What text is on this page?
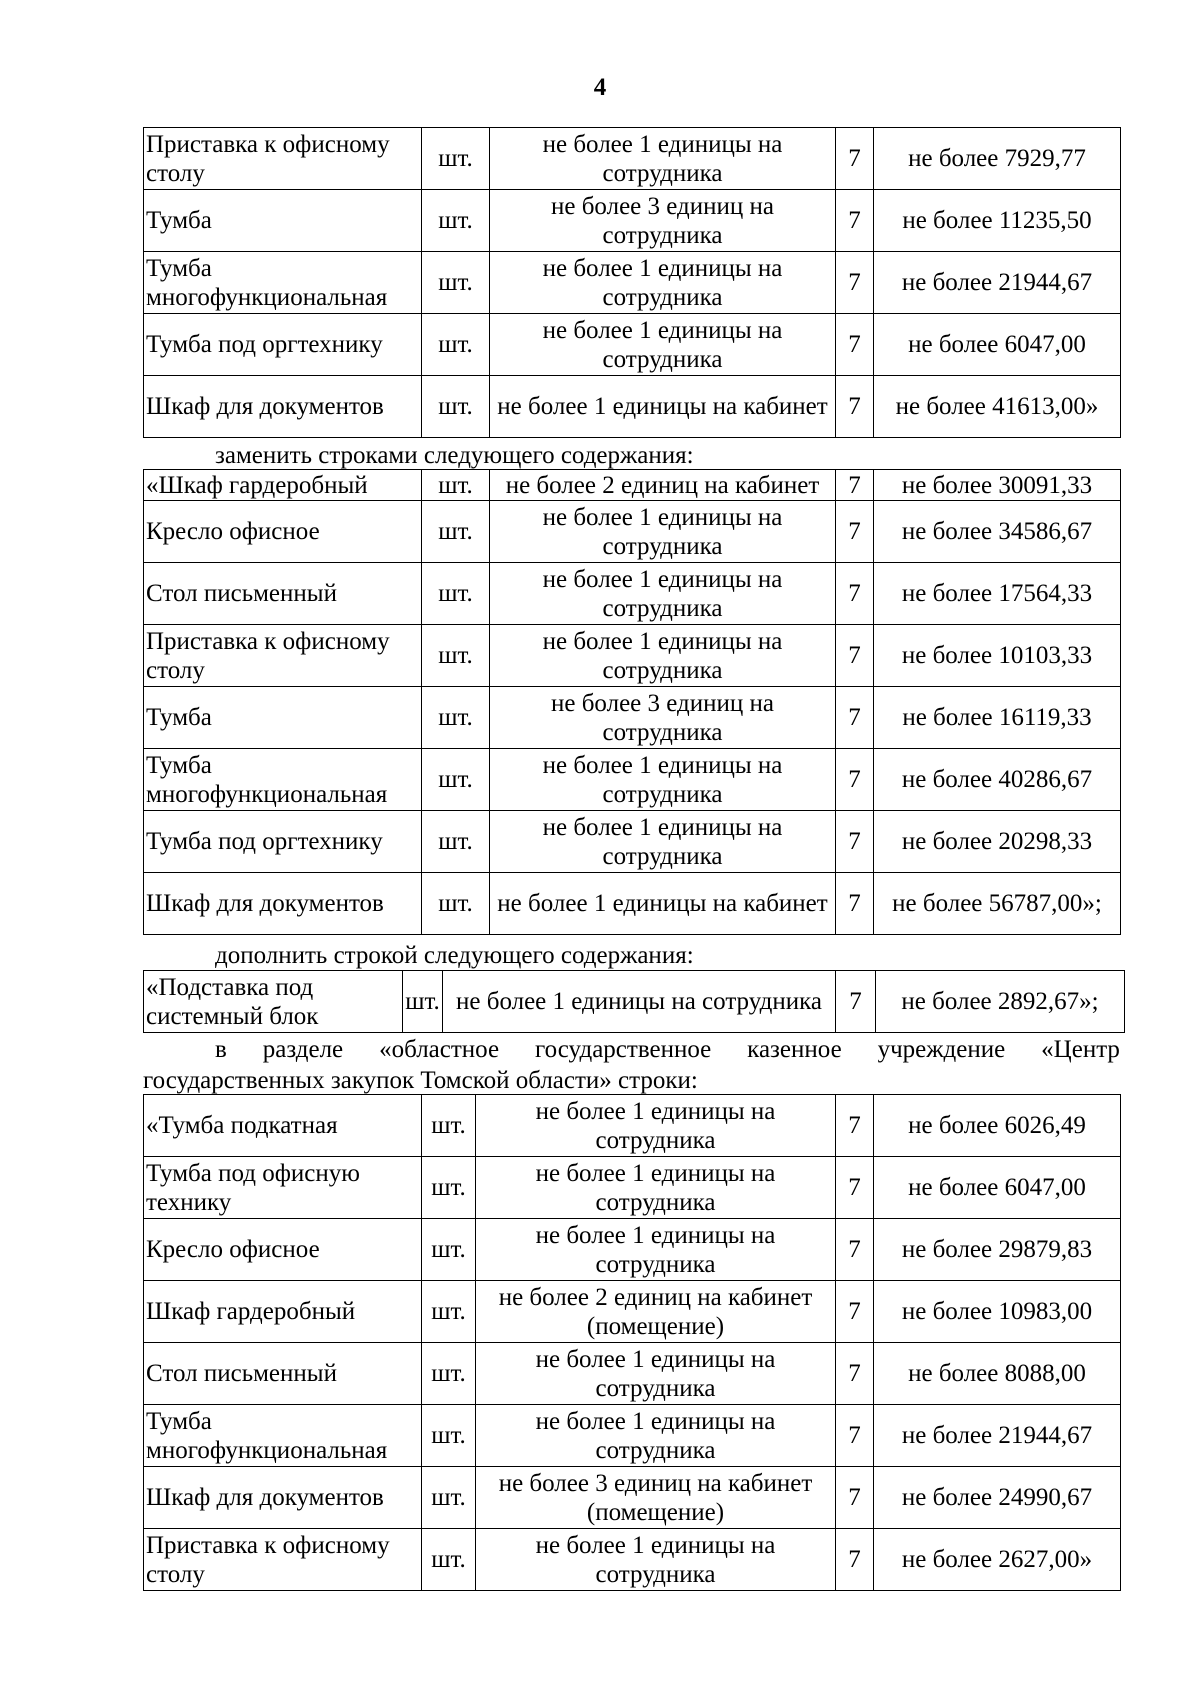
4
Приставка к офисному столу	шт.	не более 1 единицы на сотрудника	7	не более 7929,77
Тумба	шт.	не более 3 единиц на сотрудника	7	не более 11235,50
Тумба многофункциональная	шт.	не более 1 единицы на сотрудника	7	не более 21944,67
Тумба под оргтехнику	шт.	не более 1 единицы на сотрудника	7	не более 6047,00
Шкаф для документов	шт.	не более 1 единицы на кабинет	7	не более 41613,00»
заменить строками следующего содержания:
«Шкаф гардеробный	шт.	не более 2 единиц на кабинет	7	не более 30091,33
Кресло офисное	шт.	не более 1 единицы на сотрудника	7	не более 34586,67
Стол письменный	шт.	не более 1 единицы на сотрудника	7	не более 17564,33
Приставка к офисному столу	шт.	не более 1 единицы на сотрудника	7	не более 10103,33
Тумба	шт.	не более 3 единиц на сотрудника	7	не более 16119,33
Тумба многофункциональная	шт.	не более 1 единицы на сотрудника	7	не более 40286,67
Тумба под оргтехнику	шт.	не более 1 единицы на сотрудника	7	не более 20298,33
Шкаф для документов	шт.	не более 1 единицы на кабинет	7	не более 56787,00»;
дополнить строкой следующего содержания:
«Подставка под системный блок	шт.	не более 1 единицы на сотрудника	7	не более 2892,67»;
в разделе «областное государственное казенное учреждение «Центр
государственных закупок Томской области» строки:
«Тумба подкатная	шт.	не более 1 единицы на сотрудника	7	не более 6026,49
Тумба под офисную технику	шт.	не более 1 единицы на сотрудника	7	не более 6047,00
Кресло офисное	шт.	не более 1 единицы на сотрудника	7	не более 29879,83
Шкаф гардеробный	шт.	не более 2 единиц на кабинет (помещение)	7	не более 10983,00
Стол письменный	шт.	не более 1 единицы на сотрудника	7	не более 8088,00
Тумба многофункциональная	шт.	не более 1 единицы на сотрудника	7	не более 21944,67
Шкаф для документов	шт.	не более 3 единиц на кабинет (помещение)	7	не более 24990,67
Приставка к офисному столу	шт.	не более 1 единицы на сотрудника	7	не более 2627,00»
